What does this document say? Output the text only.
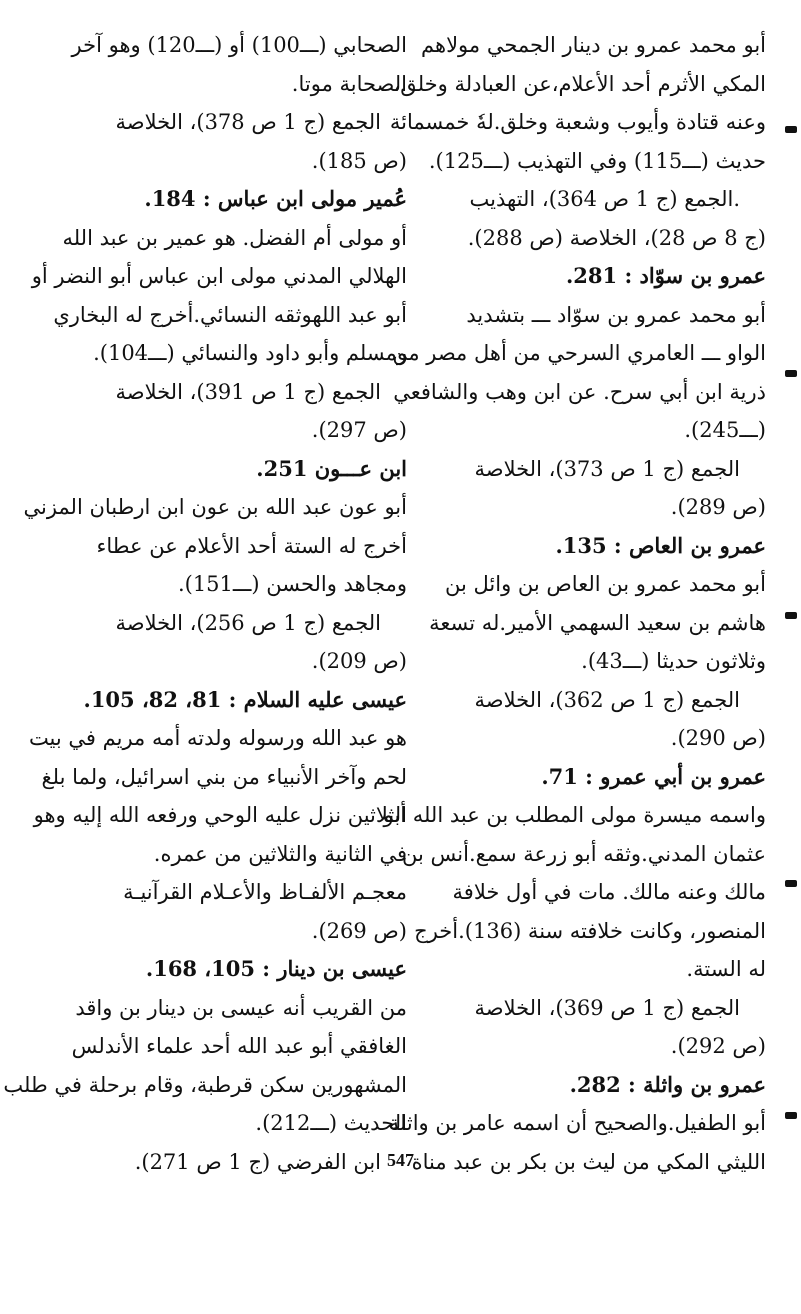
أبو محمد عمرو بن دينار الجمحي مولاهم
المكي الأثرم أحد الأعلام،عن العبادلة وخلق،
وعنه قتادة وأيوب وشعبة وخلق.لهٗ خمسمائة
حديث (ـــ115) وفي التهذيب (ـــ125).
.الجمع (ج 1 ص 364)، التهذيب
(ج 8 ص 28)، الخلاصة (ص 288).
عمرو بن سوّاد : 281.
أبو محمد عمرو بن سوّاد ـــ بتشديد
الواو ـــ العامري السرحي من أهل مصر من
ذرية ابن أبي سرح. عن ابن وهب والشافعي
(ـــ245).
الجمع (ج 1 ص 373)، الخلاصة
(ص 289).
عمرو بن العاص : 135.
أبو محمد عمرو بن العاص بن وائل بن
هاشم بن سعيد السهمي الأمير.له تسعة
وثلاثون حديثا (ـــ43).
الجمع (ج 1 ص 362)، الخلاصة
(ص 290).
عمرو بن أبي عمرو : 71.
واسمه ميسرة مولى المطلب بن عبد الله أبو
عثمان المدني.وثقه أبو زرعة سمع.أنس بن
مالك وعنه مالك. مات في أول خلافة
المنصور، وكانت خلافته سنة (136).أخرج
له الستة.
الجمع (ج 1 ص 369)، الخلاصة
(ص 292).
عمرو بن واثلة : 282.
أبو الطفيل.والصحيح أن اسمه عامر بن واثلة
الليثي المكي من ليث بن بكر بن عبد مناة
الصحابي (ـــ100) أو (ـــ120) وهو آخر
الصحابة موتا.
الجمع (ج 1 ص 378)، الخلاصة
(ص 185).
عُمير مولى ابن عباس : 184.
أو مولى أم الفضل. هو عمير بن عبد الله
الهلالي المدني مولى ابن عباس أبو النضر أو
أبو عبد اللهوثقه النسائي.أخرج له البخاري
ومسلم وأبو داود والنسائي (ـــ104).
الجمع (ج 1 ص 391)، الخلاصة
(ص 297).
ابن عـــون 251.
أبو عون عبد الله بن عون ابن ارطبان المزني
أخرج له الستة أحد الأعلام عن عطاء
ومجاهد والحسن (ـــ151).
الجمع (ج 1 ص 256)، الخلاصة
(ص 209).
عيسى عليه السلام : 81، 82، 105.
هو عبد الله ورسوله ولدته أمه مريم في بيت
لحم وآخر الأنبياء من بني اسرائيل، ولما بلغ
الثلاثين نزل عليه الوحي ورفعه الله إليه وهو
في الثانية والثلاثين من عمره.
معجـم الألفـاظ والأعـلام القرآنيـة
(ص 269).
عيسى بن دينار : 105، 168.
من القريب أنه عيسى بن دينار بن واقد
الغافقي أبو عبد الله أحد علماء الأندلس
المشهورين سكن قرطبة، وقام برحلة في طلب
الحديث (ـــ212).
ابن الفرضي (ج 1 ص 271). 547
